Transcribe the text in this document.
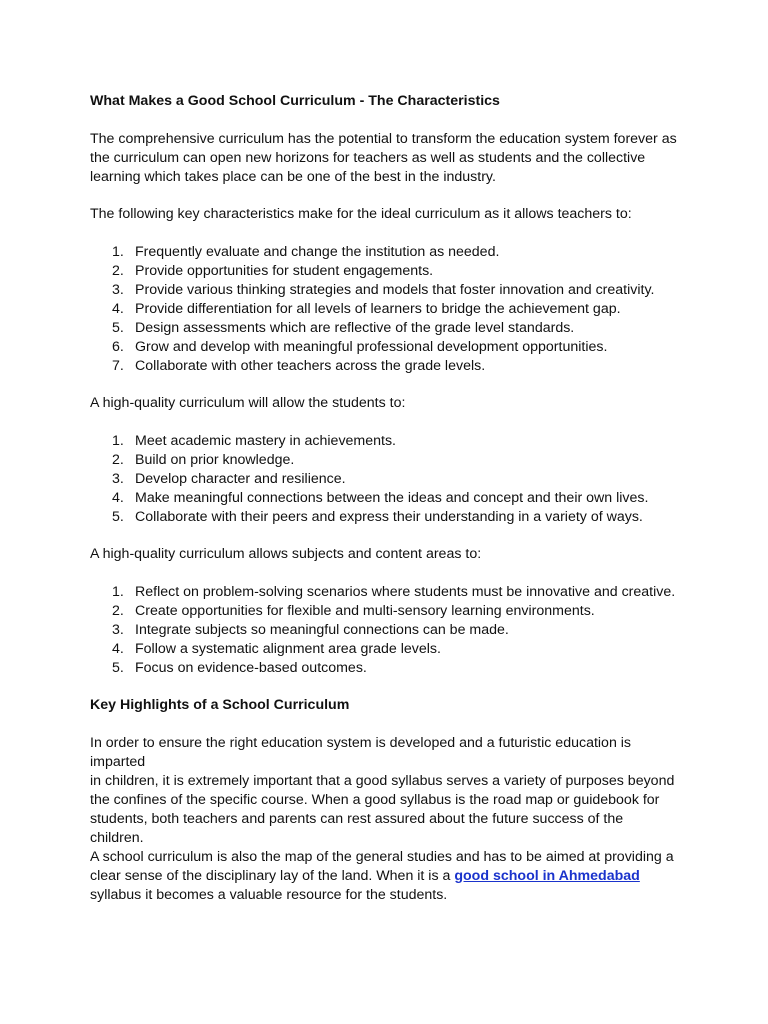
What Makes a Good School Curriculum - The Characteristics
The comprehensive curriculum has the potential to transform the education system forever as
the curriculum can open new horizons for teachers as well as students and the collective
learning which takes place can be one of the best in the industry.
The following key characteristics make for the ideal curriculum as it allows teachers to:
1. Frequently evaluate and change the institution as needed.
2. Provide opportunities for student engagements.
3. Provide various thinking strategies and models that foster innovation and creativity.
4. Provide differentiation for all levels of learners to bridge the achievement gap.
5. Design assessments which are reflective of the grade level standards.
6. Grow and develop with meaningful professional development opportunities.
7. Collaborate with other teachers across the grade levels.
A high-quality curriculum will allow the students to:
1. Meet academic mastery in achievements.
2. Build on prior knowledge.
3. Develop character and resilience.
4. Make meaningful connections between the ideas and concept and their own lives.
5. Collaborate with their peers and express their understanding in a variety of ways.
A high-quality curriculum allows subjects and content areas to:
1. Reflect on problem-solving scenarios where students must be innovative and creative.
2. Create opportunities for flexible and multi-sensory learning environments.
3. Integrate subjects so meaningful connections can be made.
4. Follow a systematic alignment area grade levels.
5. Focus on evidence-based outcomes.
Key Highlights of a School Curriculum
In order to ensure the right education system is developed and a futuristic education is imparted
in children, it is extremely important that a good syllabus serves a variety of purposes beyond
the confines of the specific course. When a good syllabus is the road map or guidebook for
students, both teachers and parents can rest assured about the future success of the children.
A school curriculum is also the map of the general studies and has to be aimed at providing a
clear sense of the disciplinary lay of the land. When it is a good school in Ahmedabad
syllabus it becomes a valuable resource for the students.
